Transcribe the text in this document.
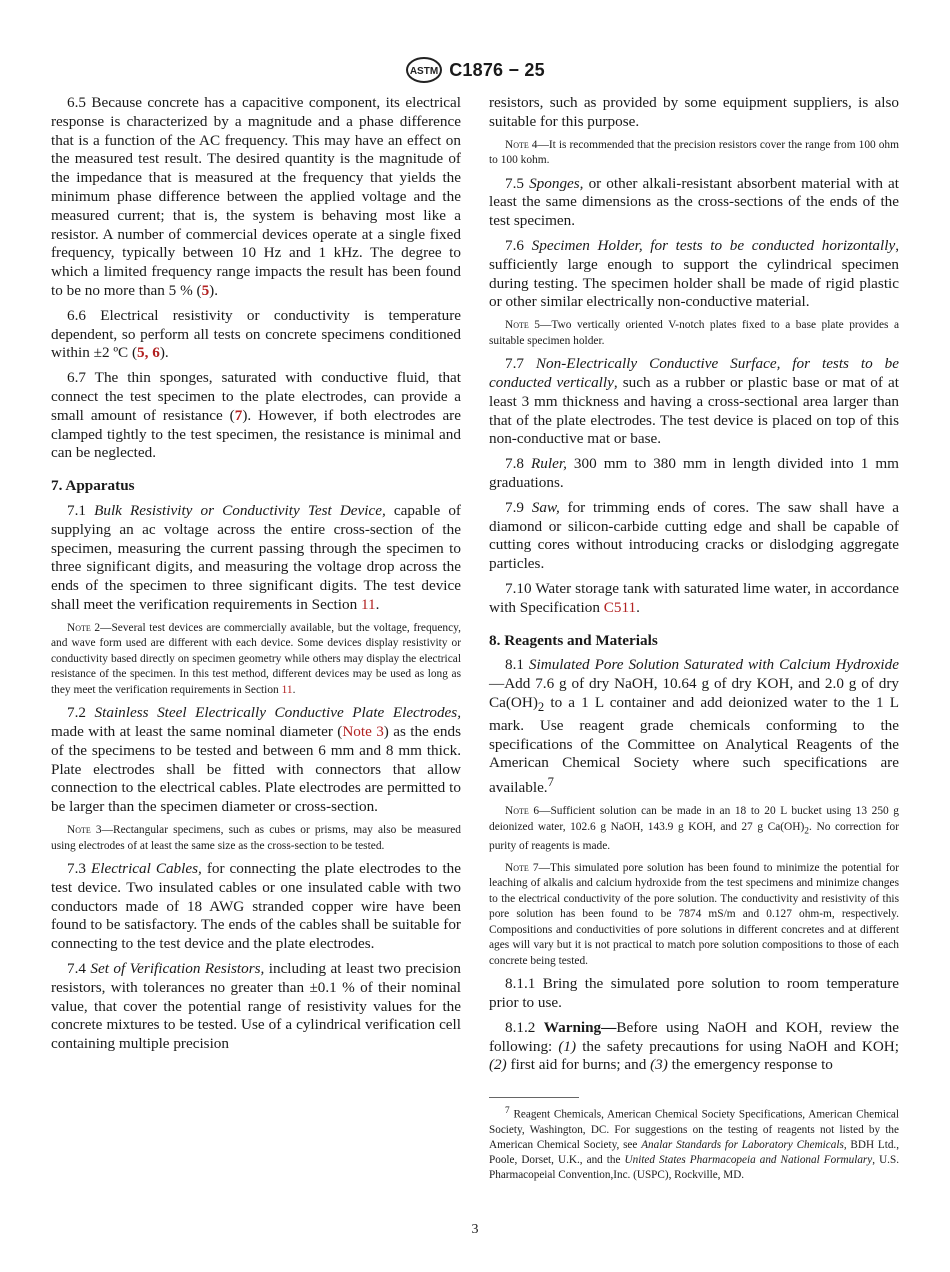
ASTM C1876 − 25

6.5 Because concrete has a capacitive component, its electrical response is characterized by a magnitude and a phase difference that is a function of the AC frequency. This may have an effect on the measured test result. The desired quantity is the magnitude of the impedance that is measured at the frequency that yields the minimum phase difference between the applied voltage and the measured current; that is, the system is behaving most like a resistor. A number of commercial devices operate at a single fixed frequency, typically between 10 Hz and 1 kHz. The degree to which a limited frequency range impacts the result has been found to be no more than 5 % (5).

6.6 Electrical resistivity or conductivity is temperature dependent, so perform all tests on concrete specimens conditioned within ±2 ºC (5, 6).

6.7 The thin sponges, saturated with conductive fluid, that connect the test specimen to the plate electrodes, can provide a small amount of resistance (7). However, if both electrodes are clamped tightly to the test specimen, the resistance is minimal and can be neglected.

7. Apparatus

7.1 Bulk Resistivity or Conductivity Test Device, capable of supplying an ac voltage across the entire cross-section of the specimen, measuring the current passing through the specimen to three significant digits, and measuring the voltage drop across the ends of the specimen to three significant digits. The test device shall meet the verification requirements in Section 11.

Note 2—Several test devices are commercially available, but the voltage, frequency, and wave form used are different with each device. Some devices display resistivity or conductivity based directly on specimen geometry while others may display the electrical resistance of the specimen. In this test method, different devices may be used as long as they meet the verification requirements in Section 11.

7.2 Stainless Steel Electrically Conductive Plate Electrodes, made with at least the same nominal diameter (Note 3) as the ends of the specimens to be tested and between 6 mm and 8 mm thick. Plate electrodes shall be fitted with connectors that allow connection to the electrical cables. Plate electrodes are permitted to be larger than the specimen diameter or cross-section.

Note 3—Rectangular specimens, such as cubes or prisms, may also be measured using electrodes of at least the same size as the cross-section to be tested.

7.3 Electrical Cables, for connecting the plate electrodes to the test device. Two insulated cables or one insulated cable with two conductors made of 18 AWG stranded copper wire have been found to be satisfactory. The ends of the cables shall be suitable for connecting to the test device and the plate electrodes.

7.4 Set of Verification Resistors, including at least two precision resistors, with tolerances no greater than ±0.1 % of their nominal value, that cover the potential range of resistivity values for the concrete mixtures to be tested. Use of a cylindrical verification cell containing multiple precision

resistors, such as provided by some equipment suppliers, is also suitable for this purpose.

Note 4—It is recommended that the precision resistors cover the range from 100 ohm to 100 kohm.

7.5 Sponges, or other alkali-resistant absorbent material with at least the same dimensions as the cross-sections of the ends of the test specimen.

7.6 Specimen Holder, for tests to be conducted horizontally, sufficiently large enough to support the cylindrical specimen during testing. The specimen holder shall be made of rigid plastic or other similar electrically non-conductive material.

Note 5—Two vertically oriented V-notch plates fixed to a base plate provides a suitable specimen holder.

7.7 Non-Electrically Conductive Surface, for tests to be conducted vertically, such as a rubber or plastic base or mat of at least 3 mm thickness and having a cross-sectional area larger than that of the plate electrodes. The test device is placed on top of this non-conductive mat or base.

7.8 Ruler, 300 mm to 380 mm in length divided into 1 mm graduations.

7.9 Saw, for trimming ends of cores. The saw shall have a diamond or silicon-carbide cutting edge and shall be capable of cutting cores without introducing cracks or dislodging aggregate particles.

7.10 Water storage tank with saturated lime water, in accordance with Specification C511.

8. Reagents and Materials

8.1 Simulated Pore Solution Saturated with Calcium Hydroxide—Add 7.6 g of dry NaOH, 10.64 g of dry KOH, and 2.0 g of dry $Ca(OH)_2$ to a 1 L container and add deionized water to the 1 L mark. Use reagent grade chemicals conforming to the specifications of the Committee on Analytical Reagents of the American Chemical Society where such specifications are available.$^7$

Note 6—Sufficient solution can be made in an 18 to 20 L bucket using 13 250 g deionized water, 102.6 g NaOH, 143.9 g KOH, and 27 g $Ca(OH)_2$. No correction for purity of reagents is made.

Note 7—This simulated pore solution has been found to minimize the potential for leaching of alkalis and calcium hydroxide from the test specimens and minimize changes to the electrical conductivity of the pore solution. The conductivity and resistivity of this pore solution has been found to be 7874 mS/m and 0.127 ohm-m, respectively. Compositions and conductivities of pore solutions in different concretes and at different ages will vary but it is not practical to match pore solution compositions to those of each concrete being tested.

8.1.1 Bring the simulated pore solution to room temperature prior to use.

8.1.2 Warning—Before using NaOH and KOH, review the following: (1) the safety precautions for using NaOH and KOH; (2) first aid for burns; and (3) the emergency response to

$^7$ Reagent Chemicals, American Chemical Society Specifications, American Chemical Society, Washington, DC. For suggestions on the testing of reagents not listed by the American Chemical Society, see Analar Standards for Laboratory Chemicals, BDH Ltd., Poole, Dorset, U.K., and the United States Pharmacopeia and National Formulary, U.S. Pharmacopeial Convention,Inc. (USPC), Rockville, MD.

3
